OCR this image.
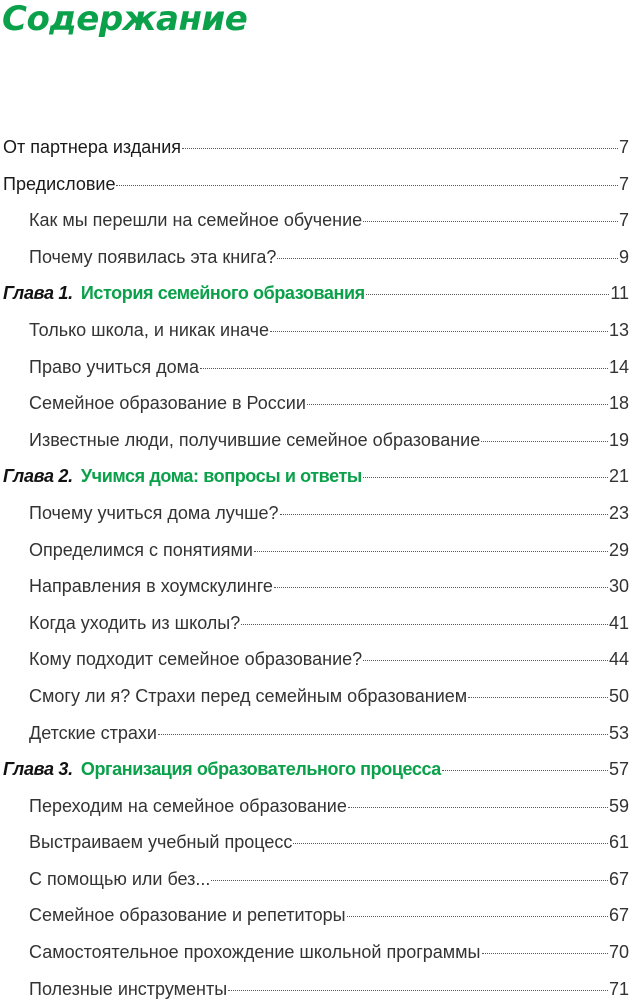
Содержание
От партнера издания	7
Предисловие	7
Как мы перешли на семейное обучение	7
Почему появилась эта книга?	9
Глава 1. История семейного образования	11
Только школа, и никак иначе	13
Право учиться дома	14
Семейное образование в России	18
Известные люди, получившие семейное образование	19
Глава 2. Учимся дома: вопросы и ответы	21
Почему учиться дома лучше?	23
Определимся с понятиями	29
Направления в хоумскулинге	30
Когда уходить из школы?	41
Кому подходит семейное образование?	44
Смогу ли я? Страхи перед семейным образованием	50
Детские страхи	53
Глава 3. Организация образовательного процесса	57
Переходим на семейное образование	59
Выстраиваем учебный процесс	61
С помощью или без...	67
Семейное образование и репетиторы	67
Самостоятельное прохождение школьной программы	70
Полезные инструменты	71
